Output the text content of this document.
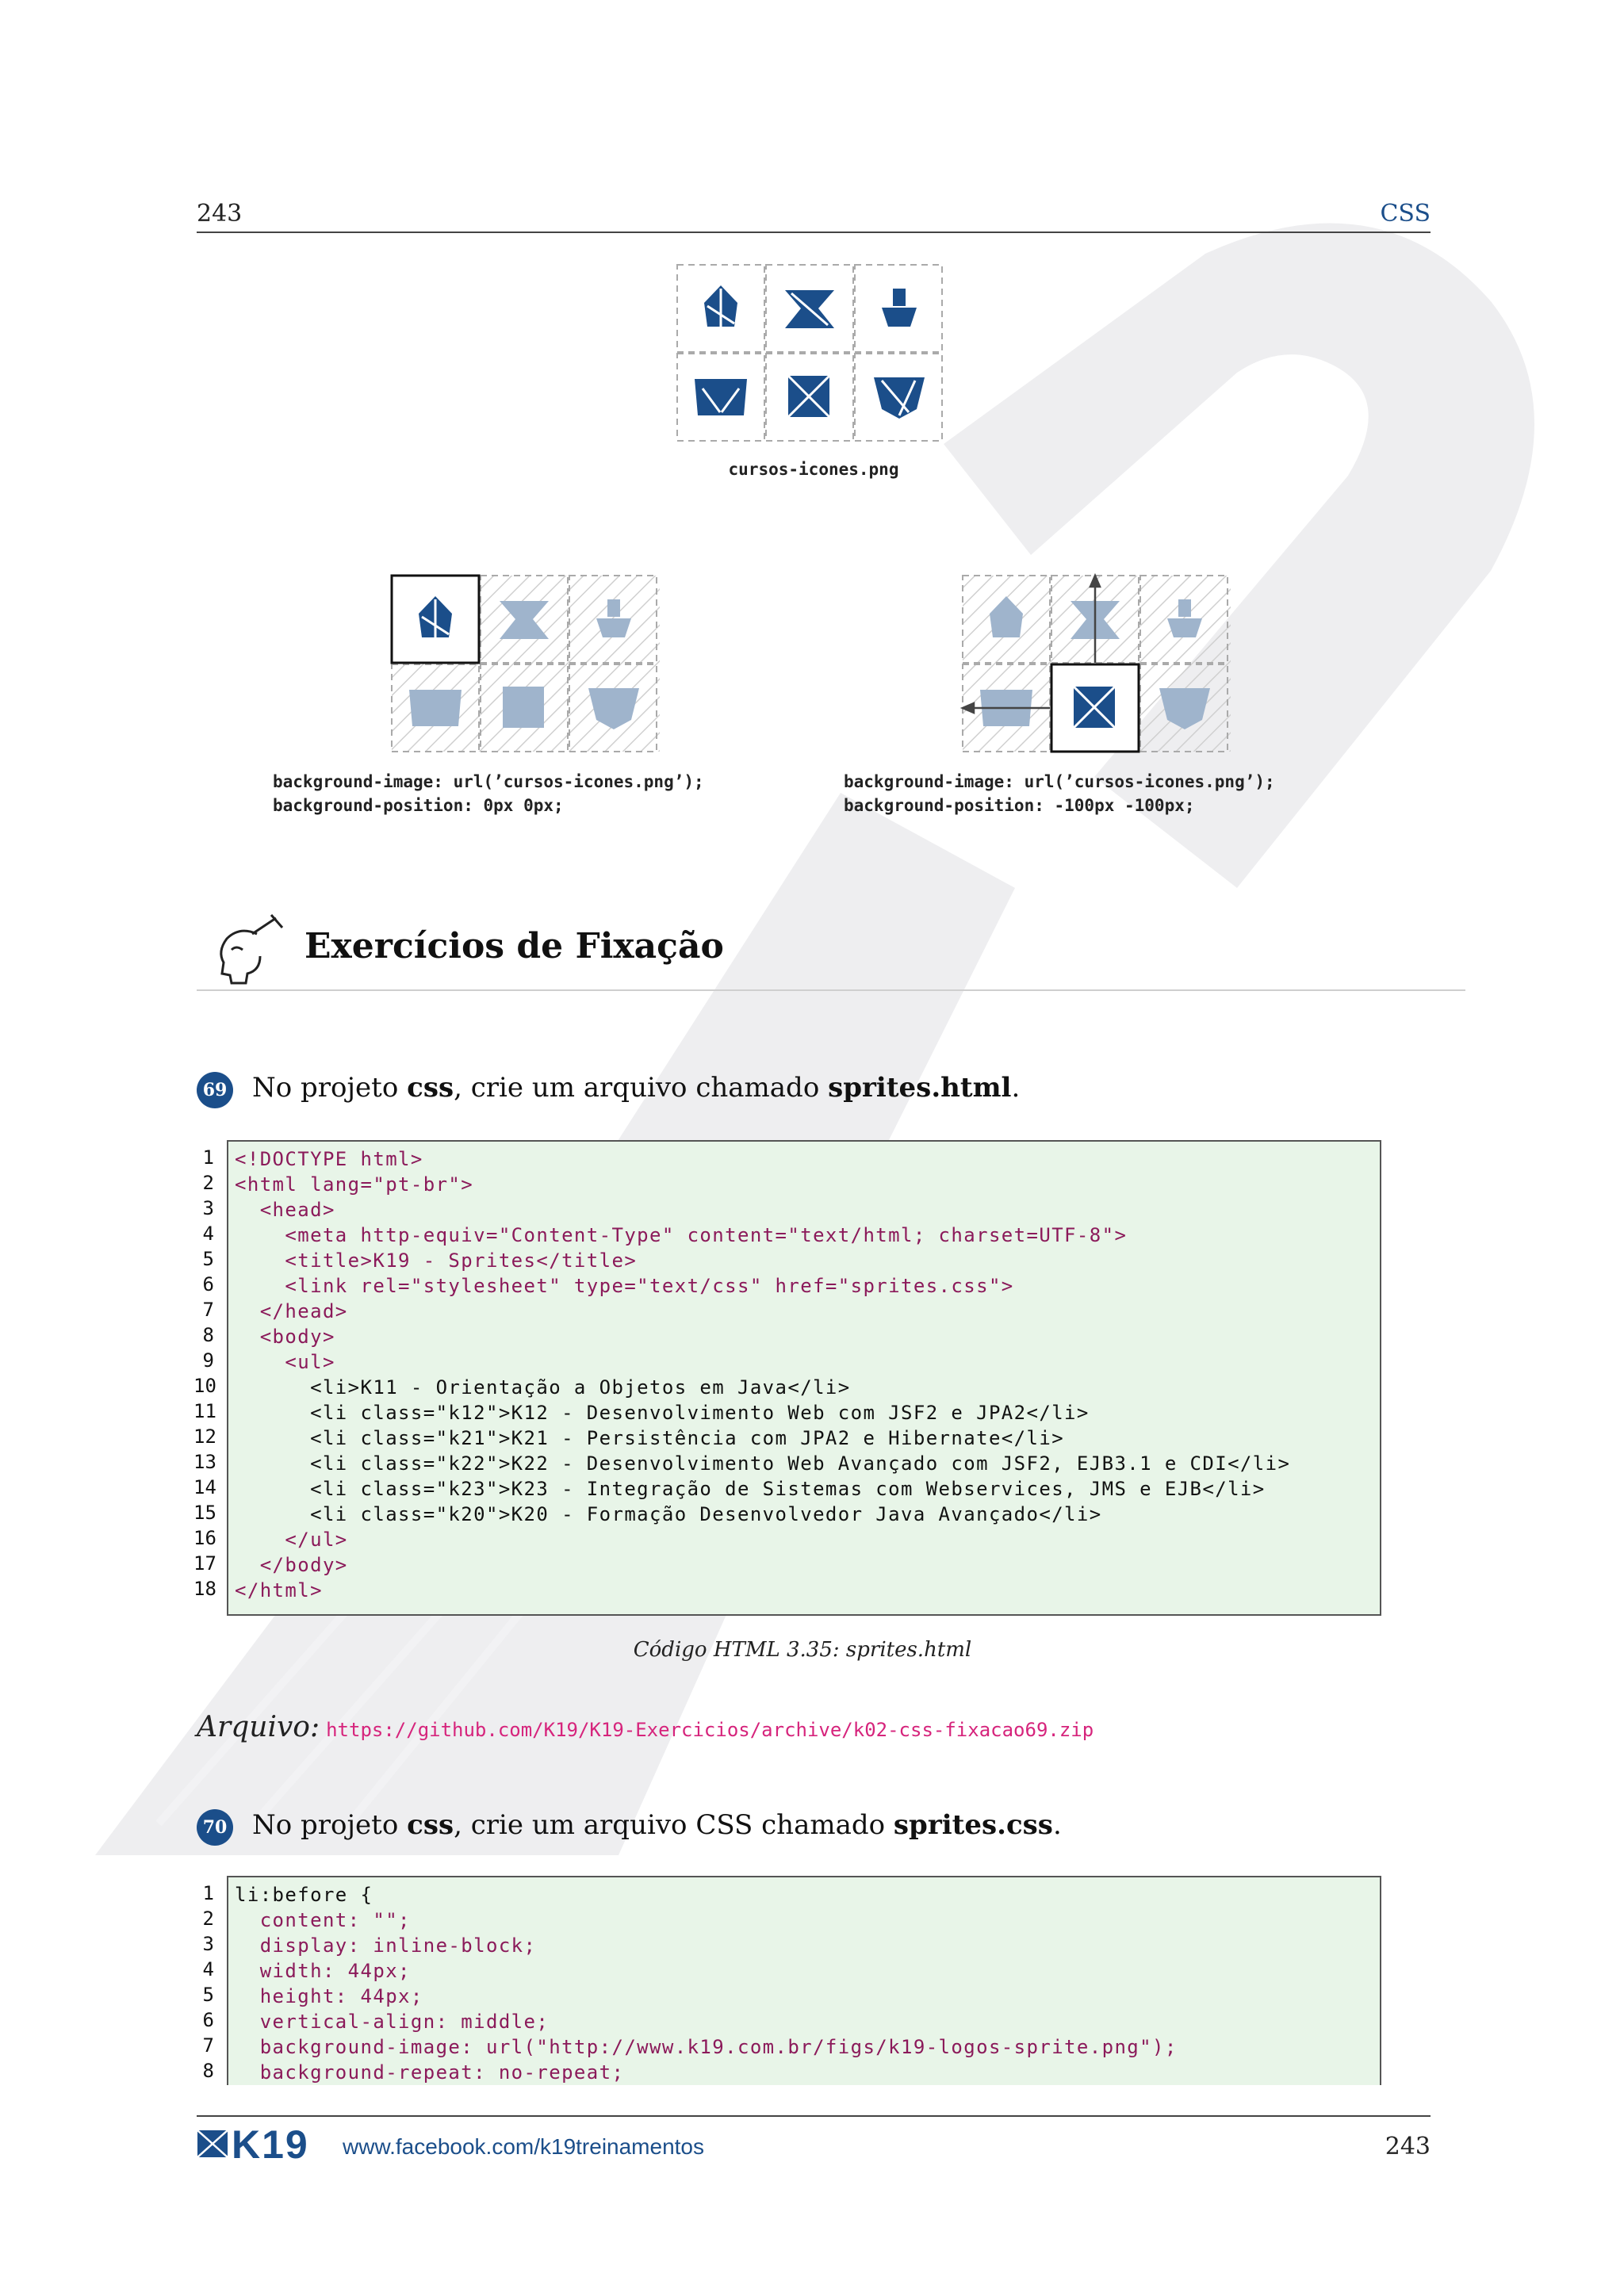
243	CSS
cursos-icones.png
background-image: url(’cursos-icones.png’);
background-position: 0px 0px;
background-image: url(’cursos-icones.png’);
background-position: -100px -100px;
Exercícios de Fixação
69 No projeto css, crie um arquivo chamado sprites.html.
1
2
3
4
5
6
7
8
9
10
11
12
13
14
15
16
17
18
<!DOCTYPE html>
<html lang="pt-br">
<head>
<meta http-equiv="Content-Type" content="text/html; charset=UTF-8">
<title>K19 - Sprites</title>
<link rel="stylesheet" type="text/css" href="sprites.css">
</head>
<body>
<ul>
<li>K11 - Orientação a Objetos em Java</li>
<li class="k12">K12 - Desenvolvimento Web com JSF2 e JPA2</li>
<li class="k21">K21 - Persistência com JPA2 e Hibernate</li>
<li class="k22">K22 - Desenvolvimento Web Avançado com JSF2, EJB3.1 e CDI</li>
<li class="k23">K23 - Integração de Sistemas com Webservices, JMS e EJB</li>
<li class="k20">K20 - Formação Desenvolvedor Java Avançado</li>
</ul>
</body>
</html>
Código HTML 3.35: sprites.html
Arquivo: https://github.com/K19/K19-Exercicios/archive/k02-css-fixacao69.zip
70 No projeto css, crie um arquivo CSS chamado sprites.css.
1
2
3
4
5
6
7
8
li:before {
content: "";
display: inline-block;
width: 44px;
height: 44px;
vertical-align: middle;
background-image: url("http://www.k19.com.br/figs/k19-logos-sprite.png");
background-repeat: no-repeat;
K19 www.facebook.com/k19treinamentos	243
